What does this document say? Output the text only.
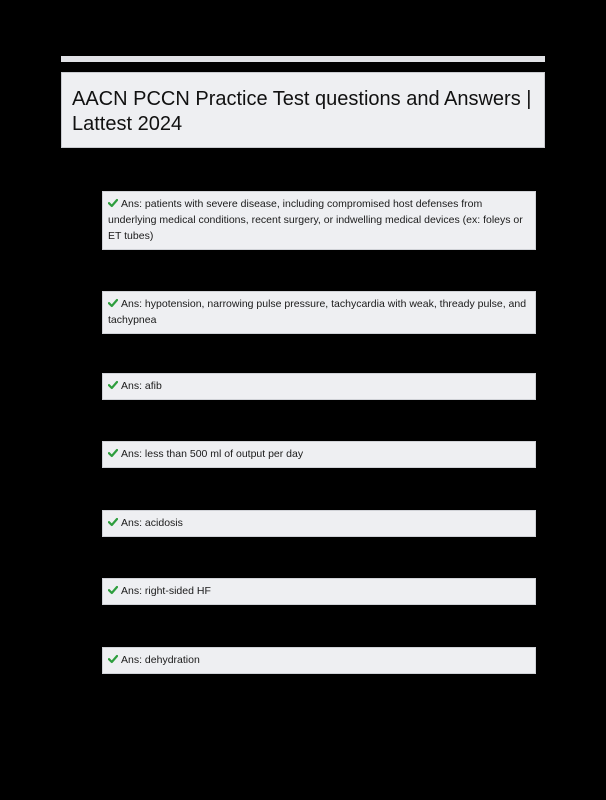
AACN PCCN Practice Test questions and Answers | Lattest 2024
Ans: patients with severe disease, including compromised host defenses from underlying medical conditions, recent surgery, or indwelling medical devices (ex: foleys or ET tubes)
Ans: hypotension, narrowing pulse pressure, tachycardia with weak, thready pulse, and tachypnea
Ans: afib
Ans: less than 500 ml of output per day
Ans: acidosis
Ans: right-sided HF
Ans: dehydration
